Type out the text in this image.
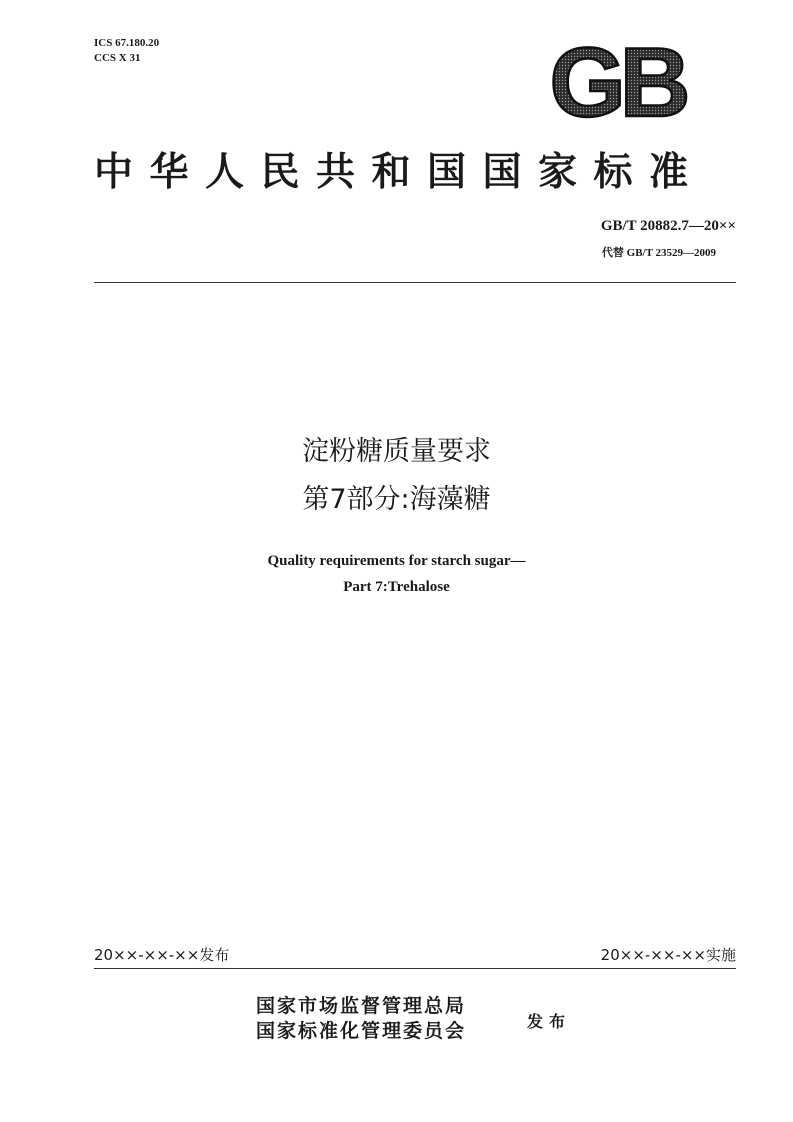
ICS 67.180.20
CCS X 31	GB
中华人民共和国国家标准
GB/T 20882.7—20××
代替 GB/T 23529—2009
淀粉糖质量要求
第7部分:海藻糖
Quality requirements for starch sugar—
Part 7:Trehalose
20××-××-××发布	20××-××-××实施
国家市场监督管理总局
国家标准化管理委员会	发布
